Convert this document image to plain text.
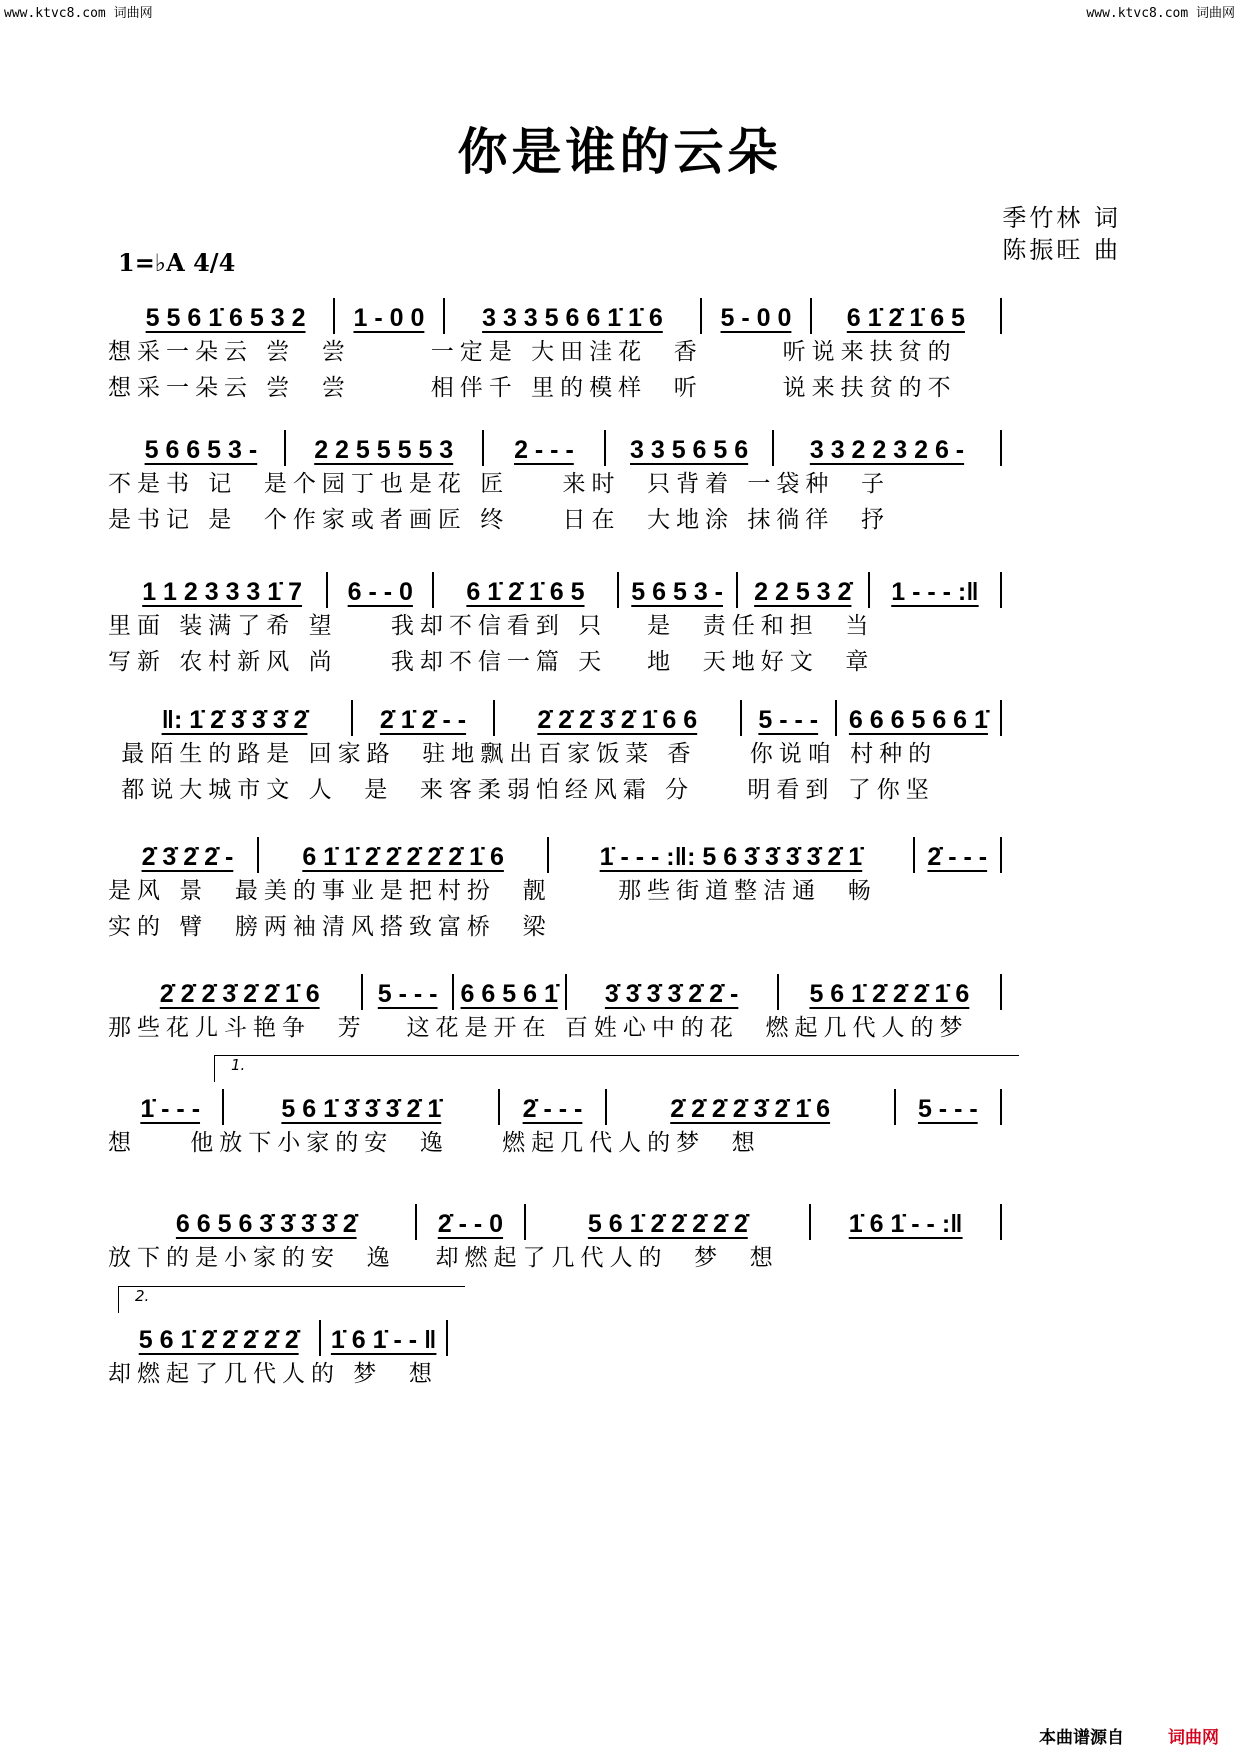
www.ktvc8.com 词曲网	www.ktvc8.com 词曲网
你是谁的云朵
季竹林 词
陈振旺 曲
1=♭A 4/4
5 5 6 1̇ 6 5 3 2	1 - 0 0	3 3 3 5 6 6 1̇ 1̇ 6	5 - 0 0	6 1̇ 2̇ 1̇ 6 5
想采一朵云 尝  尝      一定是 大田洼花  香      听说来扶贫的
想采一朵云 尝  尝      相伴千 里的模样  听      说来扶贫的不
5 6 6 5 3 -	2 2 5 5 5 5 3	2 - - -	3 3 5 6 5 6	3 3 2 2 3 2 6 -
不是书 记  是个园丁也是花 匠    来时  只背着 一袋种  子
是书记 是  个作家或者画匠 终    日在  大地涂 抹徜徉  抒
1 1 2 3 3 3 1̇ 7	6 - - 0	6 1̇ 2̇ 1̇ 6 5	5 6 5 3 -	2 2 5 3 2̇	1 - - - :‖
里面 装满了希 望    我却不信看到 只   是  责任和担  当
写新 农村新风 尚    我却不信一篇 天   地  天地好文  章
‖: 1̇ 2̇ 3̇ 3̇ 3̇ 2̇	2̇ 1̇ 2̇ - -	2̇ 2̇ 2̇ 3̇ 2̇ 1̇ 6 6	5 - - -	6 6 6 5 6 6 1̇
最陌生的路是 回家路  驻地飘出百家饭菜 香    你说咱 村种的
都说大城市文 人  是  来客柔弱怕经风霜 分    明看到 了你坚
2̇ 3̇ 2̇ 2̇ -	6 1̇ 1̇ 2̇ 2̇ 2̇ 2̇ 2̇ 1̇ 6	1̇ - - - :‖: 5 6 3̇ 3̇ 3̇ 3̇ 2̇ 1̇	2̇ - - -
是风 景  最美的事业是把村扮  靓     那些街道整洁通  畅
实的 臂  膀两袖清风搭致富桥  梁
2̇ 2̇ 2̇ 3̇ 2̇ 2̇ 1̇ 6	5 - - - 6 6 5 6 1̇	3̇ 3̇ 3̇ 3̇ 2̇ 2̇ -	5 6 1̇ 2̇ 2̇ 2̇ 1̇ 6
那些花儿斗艳争  芳   这花是开在 百姓心中的花  燃起几代人的梦
1.
1̇ - - -	5 6 1̇ 3̇ 3̇ 3̇ 2̇ 1̇	2̇ - - -	2̇ 2̇ 2̇ 2̇ 3̇ 2̇ 1̇ 6	5 - - -
想    他放下小家的安  逸    燃起几代人的梦  想
6 6 5 6 3̇ 3̇ 3̇ 3̇ 2̇	2̇ - - 0	5 6 1̇ 2̇ 2̇ 2̇ 2̇ 2̇	1̇ 6 1̇ - - :‖
放下的是小家的安  逸   却燃起了几代人的  梦  想
2.
5 6 1̇ 2̇ 2̇ 2̇ 2̇ 2̇	1̇ 6 1̇ - - ‖
却燃起了几代人的 梦  想
本曲谱源自	词曲网
